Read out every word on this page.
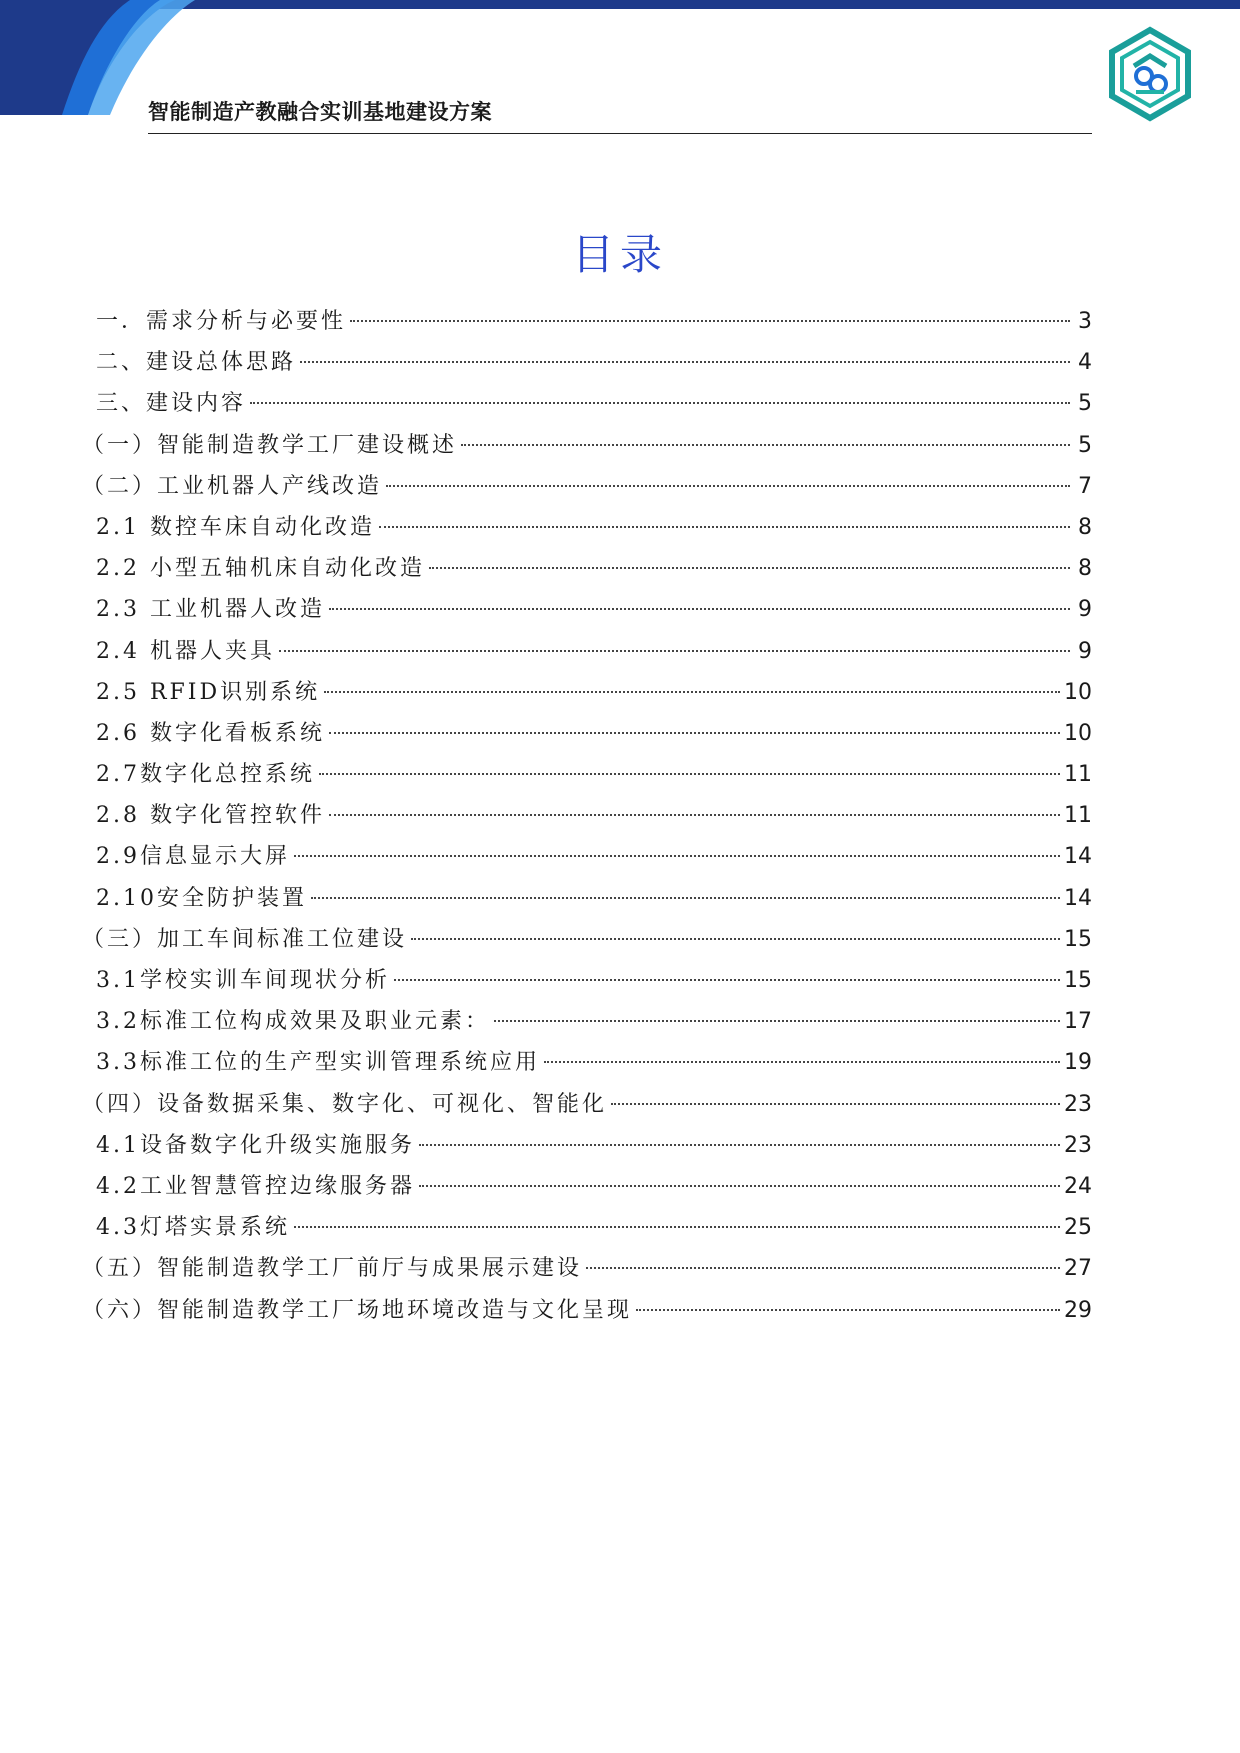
智能制造产教融合实训基地建设方案
目录
一．需求分析与必要性	3
二、建设总体思路	4
三、建设内容	5
（一）智能制造教学工厂建设概述	5
（二）工业机器人产线改造	7
2.1 数控车床自动化改造	8
2.2 小型五轴机床自动化改造	8
2.3 工业机器人改造	9
2.4 机器人夹具	9
2.5 RFID识别系统	10
2.6 数字化看板系统	10
2.7数字化总控系统	11
2.8 数字化管控软件	11
2.9信息显示大屏	14
2.10安全防护装置	14
（三）加工车间标准工位建设	15
3.1学校实训车间现状分析	15
3.2标准工位构成效果及职业元素：	17
3.3标准工位的生产型实训管理系统应用	19
（四）设备数据采集、数字化、可视化、智能化	23
4.1设备数字化升级实施服务	23
4.2工业智慧管控边缘服务器	24
4.3灯塔实景系统	25
（五）智能制造教学工厂前厅与成果展示建设	27
（六）智能制造教学工厂场地环境改造与文化呈现	29
